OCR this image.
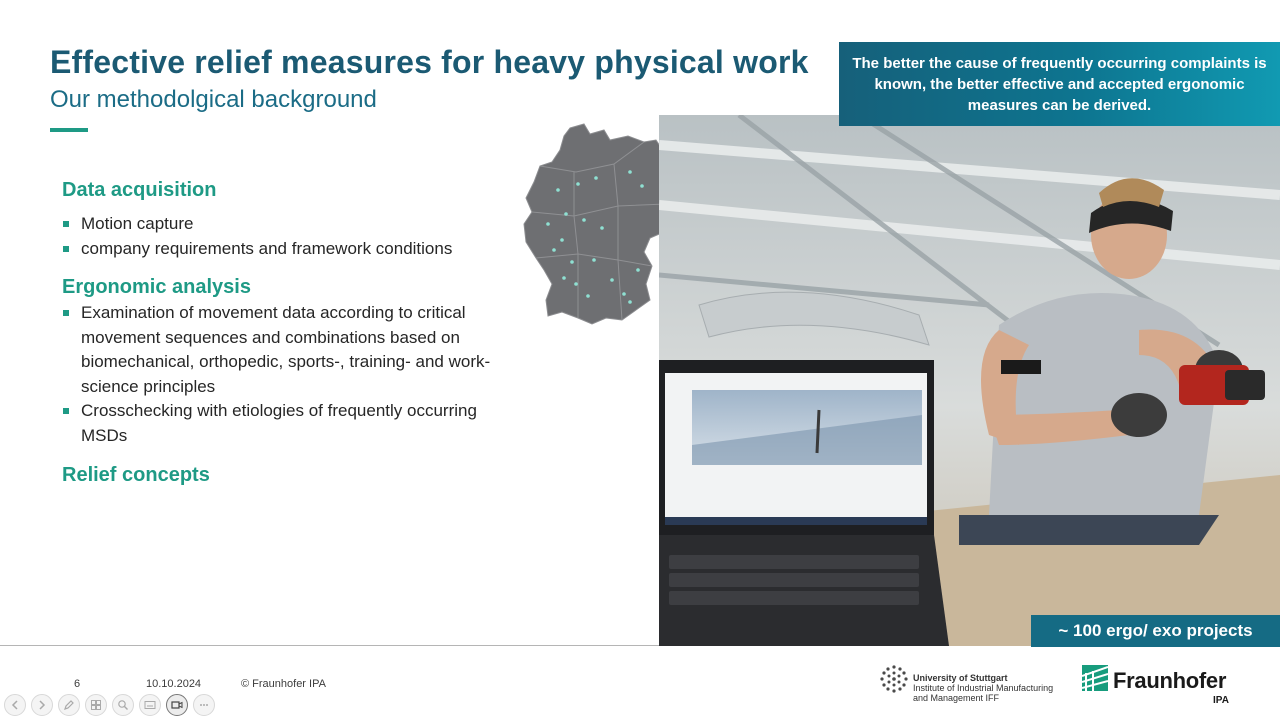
Effective relief measures for heavy physical work
Our methodolgical background
Data acquisition
Motion capture
company requirements and framework conditions
Ergonomic analysis
Examination of movement data according to critical movement sequences and combinations based on biomechanical, orthopedic, sports-, training- and work- science principles
Crosschecking with etiologies of frequently occurring MSDs
Relief concepts
The better the cause of frequently occurring complaints is known, the better effective and accepted ergonomic measures can be derived.
~ 100 ergo/ exo projects
6	10.10.2024	© Fraunhofer IPA	University of Stuttgart
Institute of Industrial Manufacturing
and Management IFF
Fraunhofer
IPA
